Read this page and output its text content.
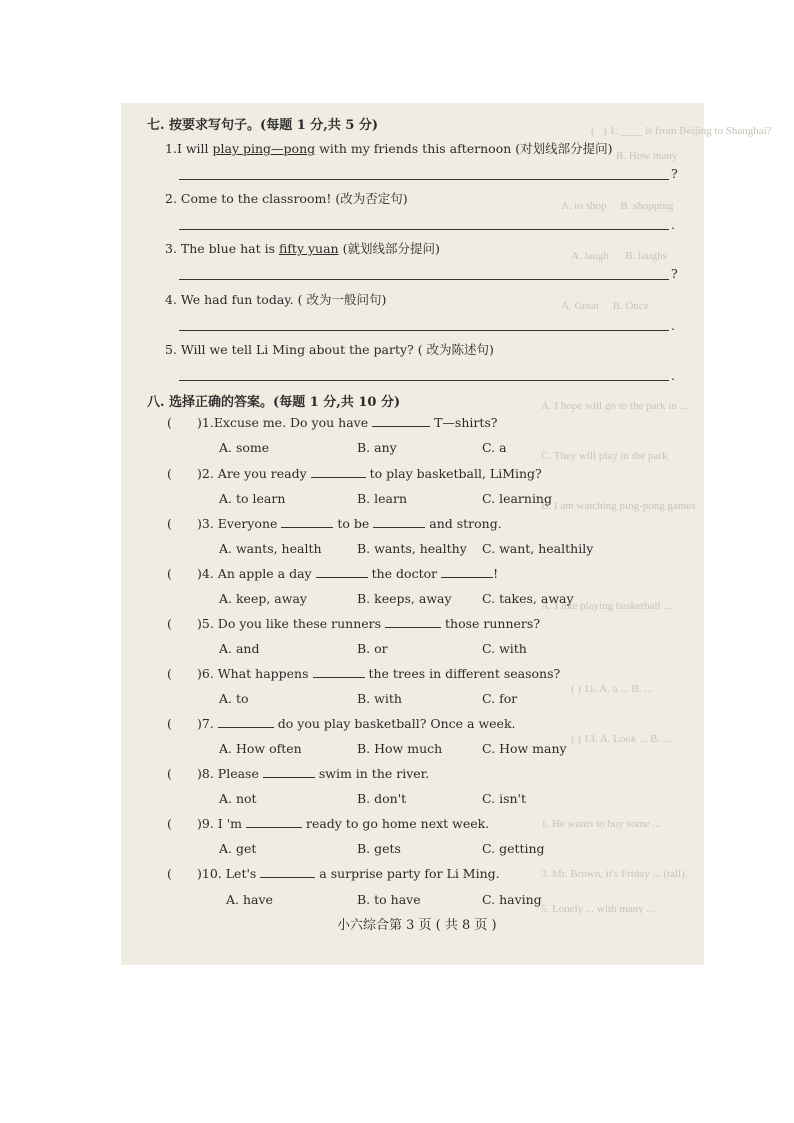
(   ) 1. ____ is from Beijing to Shanghai?
B. How many
A. to shop     B. shopping
A. laugh      B. laughs
A. Great     B. Once
A. I hope will go to the park in ...
C. They will play in the park
B. I am watching ping-pong games
A. I like playing basketball ...
( ) 11. A. a ... B. ...
( ) 13. A. Look ... B. ...
1. He wants to buy some ...
3. Mr. Brown, it's Friday ... (tall).
5. Lonely ... with many ...
七. 按要求写句子。(每题 1 分,共 5 分)
1.I will play ping—pong with my friends this afternoon (对划线部分提问)
?
2. Come to the classroom! (改为否定句)
.
3. The blue hat is fifty yuan (就划线部分提问)
?
4. We had fun today. ( 改为一般问句)
.
5. Will we tell Li Ming about the party? ( 改为陈述句)
.
八. 选择正确的答案。(每题 1 分,共 10 分)
( )1.Excuse me. Do you have	T—shirts?
A. some	B. any	C. a
( )2. Are you ready	to play basketball, LiMing?
A. to learn	B. learn	C. learning
( )3. Everyone	to be	and strong.
A. wants, health	B. wants, healthy C. want, healthily
( )4. An apple a day	the doctor	!
A. keep, away	B. keeps, away C. takes, away
( )5. Do you like these runners	those runners?
A. and	B. or	C. with
( )6. What happens	the trees in different seasons?
A. to	B. with	C. for
( )7.	do you play basketball? Once a week.
A. How often	B. How much	C. How many
( )8. Please	swim in the river.
A. not	B. don't	C. isn't
( )9. I 'm	ready to go home next week.
A. get	B. gets	C. getting
( )10. Let's	a surprise party for Li Ming.
A. have	B. to have	C. having
小六综合第 3 页 ( 共 8 页 )
